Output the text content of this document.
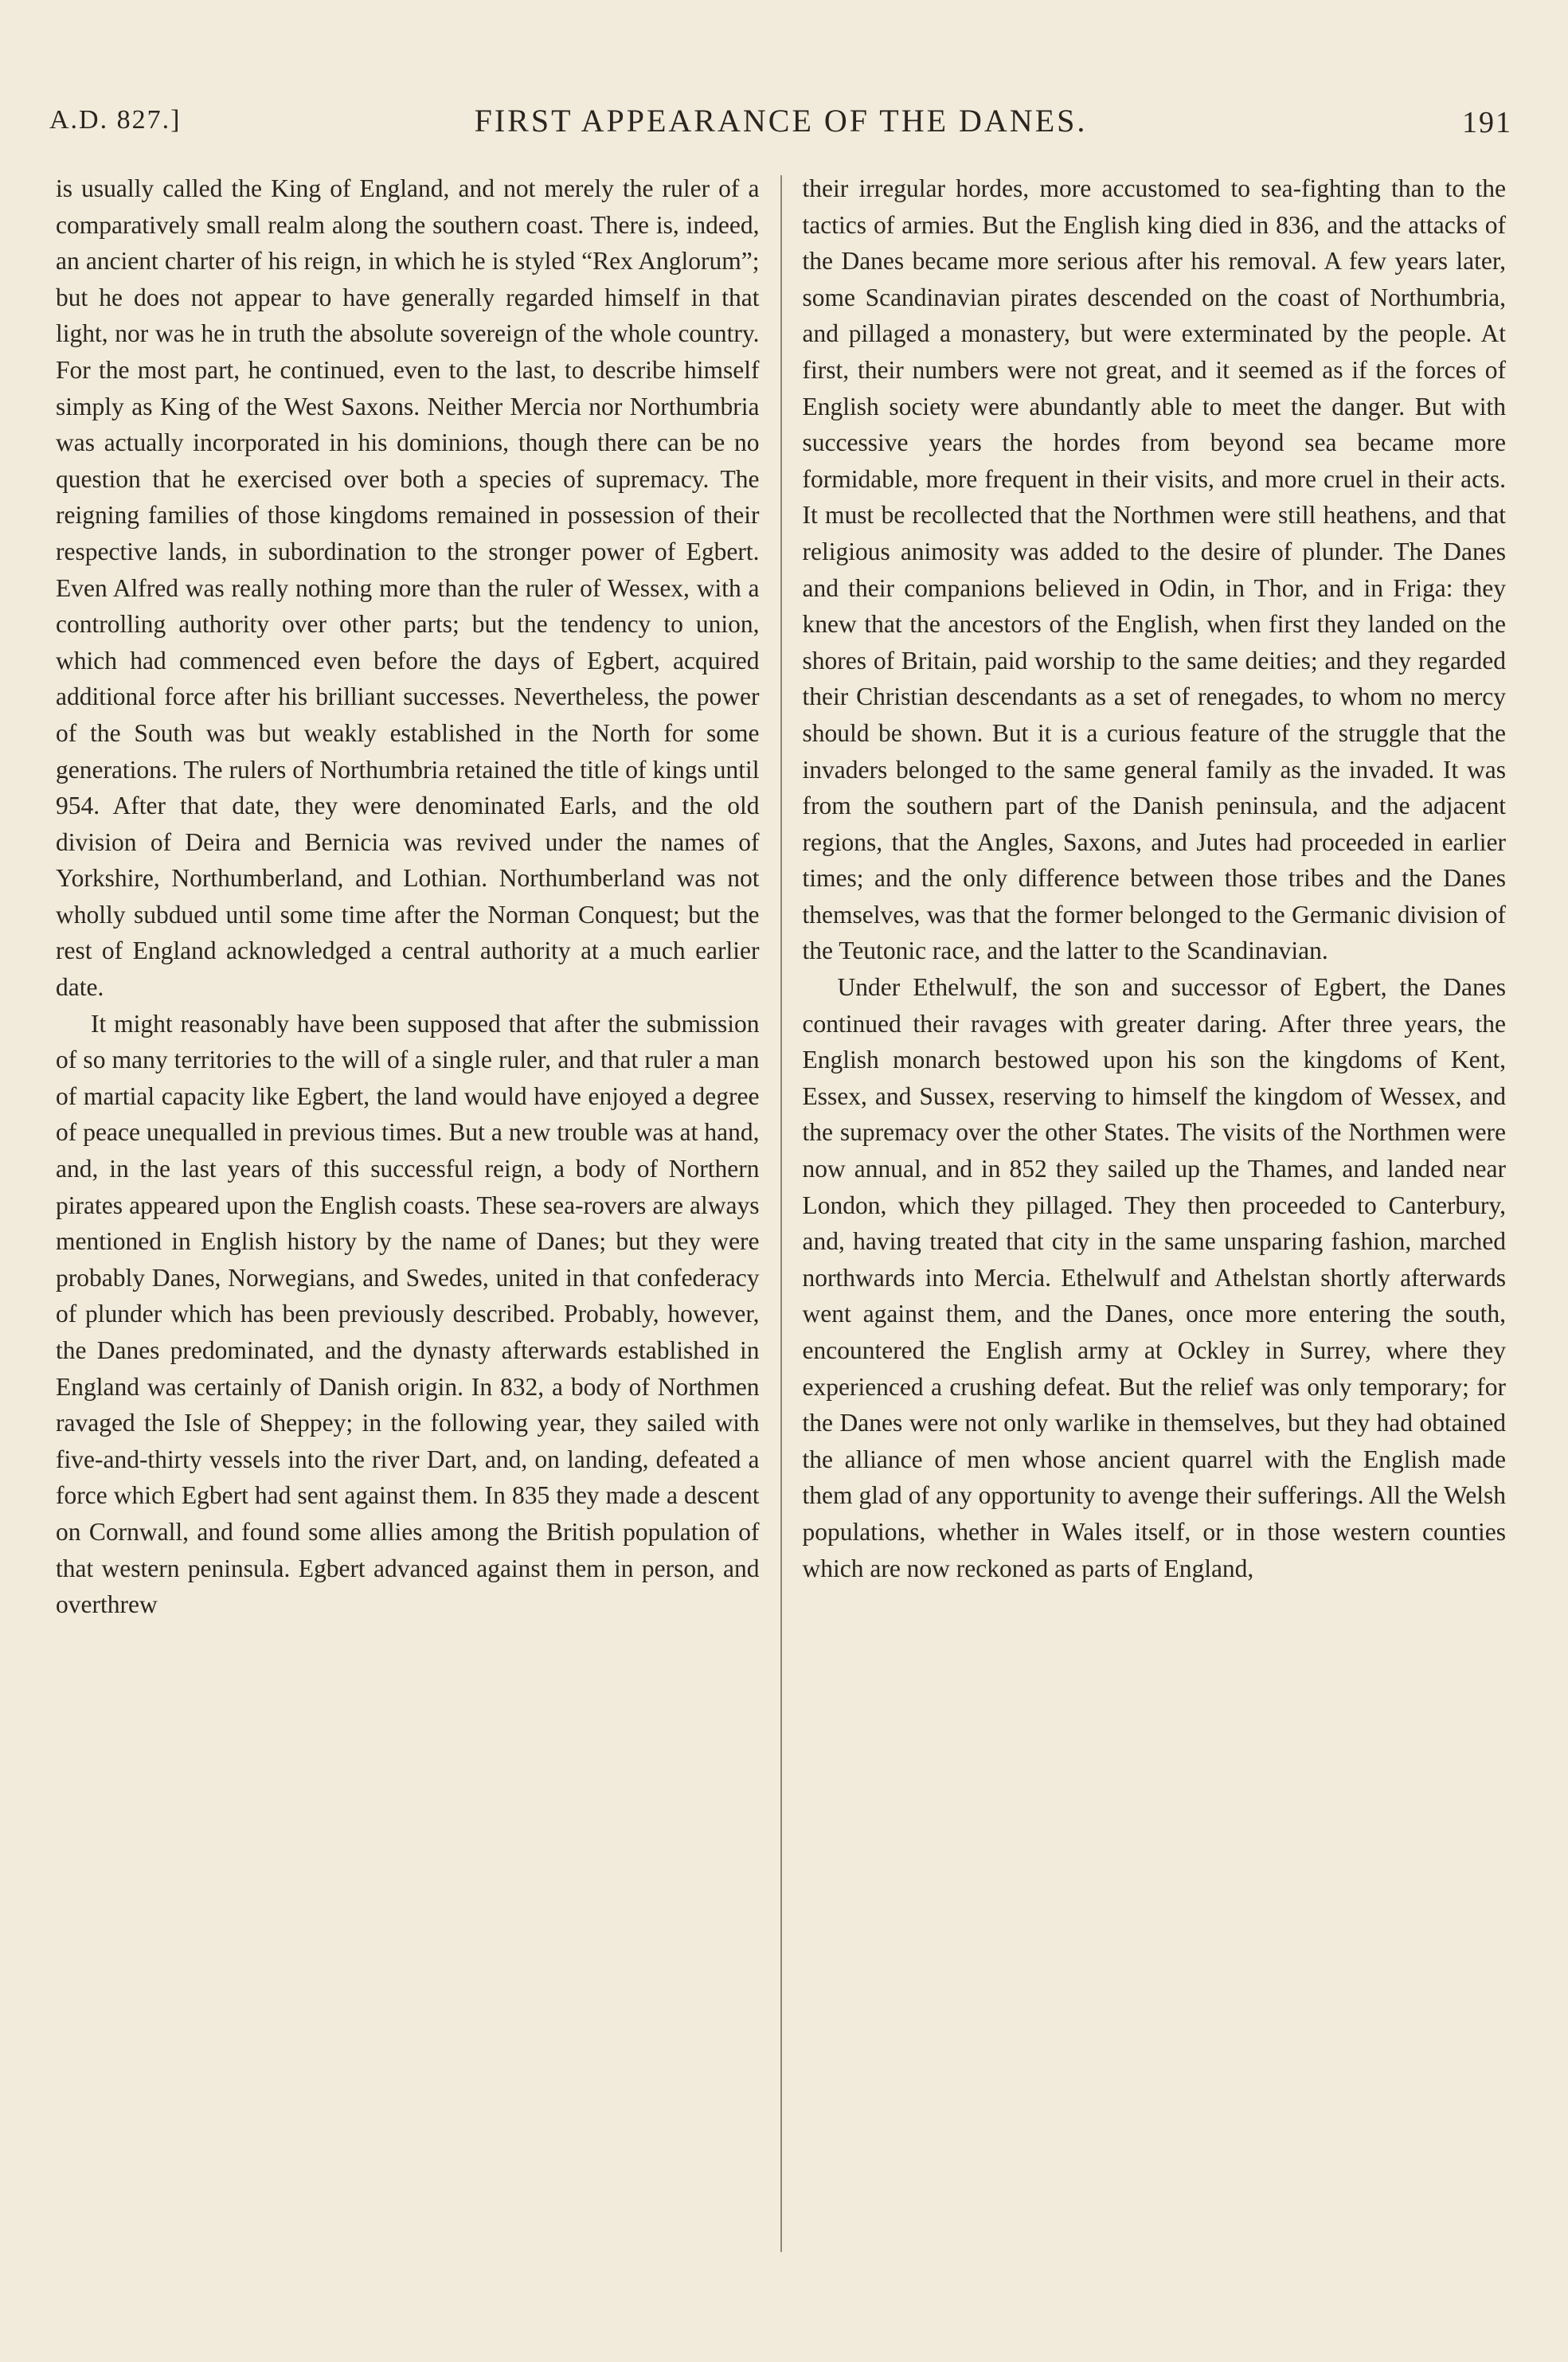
A.D. 827.]	FIRST APPEARANCE OF THE DANES.	191

is usually called the King of England, and not merely the ruler of a comparatively small realm along the southern coast. There is, indeed, an ancient charter of his reign, in which he is styled “Rex Anglorum”; but he does not appear to have generally regarded himself in that light, nor was he in truth the absolute sovereign of the whole country. For the most part, he continued, even to the last, to describe himself simply as King of the West Saxons. Neither Mercia nor Northumbria was actually incorporated in his dominions, though there can be no question that he exercised over both a species of supremacy. The reigning families of those kingdoms remained in possession of their respective lands, in subordination to the stronger power of Egbert. Even Alfred was really nothing more than the ruler of Wessex, with a controlling authority over other parts; but the tendency to union, which had commenced even before the days of Egbert, acquired additional force after his brilliant successes. Nevertheless, the power of the South was but weakly established in the North for some generations. The rulers of Northumbria retained the title of kings until 954. After that date, they were denominated Earls, and the old division of Deira and Bernicia was revived under the names of Yorkshire, Northumberland, and Lothian. Northumberland was not wholly subdued until some time after the Norman Conquest; but the rest of England acknowledged a central authority at a much earlier date.

It might reasonably have been supposed that after the submission of so many territories to the will of a single ruler, and that ruler a man of martial capacity like Egbert, the land would have enjoyed a degree of peace unequalled in previous times. But a new trouble was at hand, and, in the last years of this successful reign, a body of Northern pirates appeared upon the English coasts. These sea-rovers are always mentioned in English history by the name of Danes; but they were probably Danes, Norwegians, and Swedes, united in that confederacy of plunder which has been previously described. Probably, however, the Danes predominated, and the dynasty afterwards established in England was certainly of Danish origin. In 832, a body of Northmen ravaged the Isle of Sheppey; in the following year, they sailed with five-and-thirty vessels into the river Dart, and, on landing, defeated a force which Egbert had sent against them. In 835 they made a descent on Cornwall, and found some allies among the British population of that western peninsula. Egbert advanced against them in person, and overthrew

their irregular hordes, more accustomed to sea-fighting than to the tactics of armies. But the English king died in 836, and the attacks of the Danes became more serious after his removal. A few years later, some Scandinavian pirates descended on the coast of Northumbria, and pillaged a monastery, but were exterminated by the people. At first, their numbers were not great, and it seemed as if the forces of English society were abundantly able to meet the danger. But with successive years the hordes from beyond sea became more formidable, more frequent in their visits, and more cruel in their acts. It must be recollected that the Northmen were still heathens, and that religious animosity was added to the desire of plunder. The Danes and their companions believed in Odin, in Thor, and in Friga: they knew that the ancestors of the English, when first they landed on the shores of Britain, paid worship to the same deities; and they regarded their Christian descendants as a set of renegades, to whom no mercy should be shown. But it is a curious feature of the struggle that the invaders belonged to the same general family as the invaded. It was from the southern part of the Danish peninsula, and the adjacent regions, that the Angles, Saxons, and Jutes had proceeded in earlier times; and the only difference between those tribes and the Danes themselves, was that the former belonged to the Germanic division of the Teutonic race, and the latter to the Scandinavian.

Under Ethelwulf, the son and successor of Egbert, the Danes continued their ravages with greater daring. After three years, the English monarch bestowed upon his son the kingdoms of Kent, Essex, and Sussex, reserving to himself the kingdom of Wessex, and the supremacy over the other States. The visits of the Northmen were now annual, and in 852 they sailed up the Thames, and landed near London, which they pillaged. They then proceeded to Canterbury, and, having treated that city in the same unsparing fashion, marched northwards into Mercia. Ethelwulf and Athelstan shortly afterwards went against them, and the Danes, once more entering the south, encountered the English army at Ockley in Surrey, where they experienced a crushing defeat. But the relief was only temporary; for the Danes were not only warlike in themselves, but they had obtained the alliance of men whose ancient quarrel with the English made them glad of any opportunity to avenge their sufferings. All the Welsh populations, whether in Wales itself, or in those western counties which are now reckoned as parts of England,
